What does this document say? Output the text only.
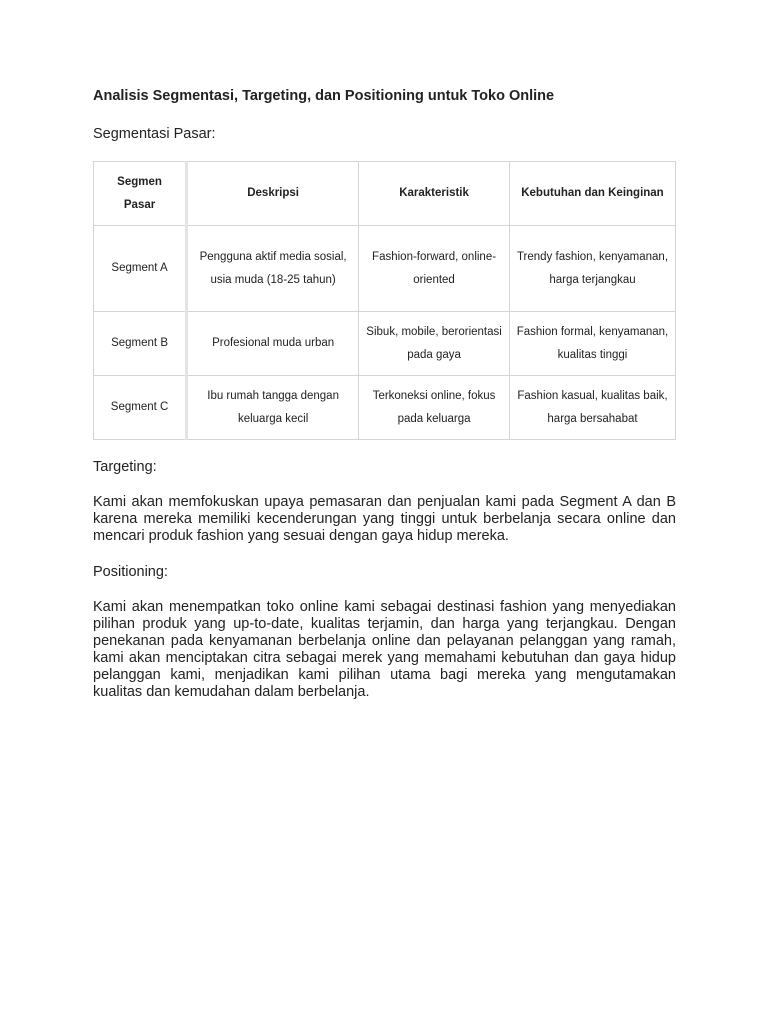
Analisis Segmentasi, Targeting, dan Positioning untuk Toko Online
Segmentasi Pasar:
Segmen Pasar	Deskripsi	Karakteristik	Kebutuhan dan Keinginan
Segment A	Pengguna aktif media sosial, usia muda (18-25 tahun)	Fashion-forward, online-oriented	Trendy fashion, kenyamanan, harga terjangkau
Segment B	Profesional muda urban	Sibuk, mobile, berorientasi pada gaya	Fashion formal, kenyamanan, kualitas tinggi
Segment C	Ibu rumah tangga dengan keluarga kecil	Terkoneksi online, fokus pada keluarga	Fashion kasual, kualitas baik, harga bersahabat
Targeting:

Kami akan memfokuskan upaya pemasaran dan penjualan kami pada Segment A dan B karena mereka memiliki kecenderungan yang tinggi untuk berbelanja secara online dan mencari produk fashion yang sesuai dengan gaya hidup mereka.

Positioning:

Kami akan menempatkan toko online kami sebagai destinasi fashion yang menyediakan pilihan produk yang up-to-date, kualitas terjamin, dan harga yang terjangkau. Dengan penekanan pada kenyamanan berbelanja online dan pelayanan pelanggan yang ramah, kami akan menciptakan citra sebagai merek yang memahami kebutuhan dan gaya hidup pelanggan kami, menjadikan kami pilihan utama bagi mereka yang mengutamakan kualitas dan kemudahan dalam berbelanja.
